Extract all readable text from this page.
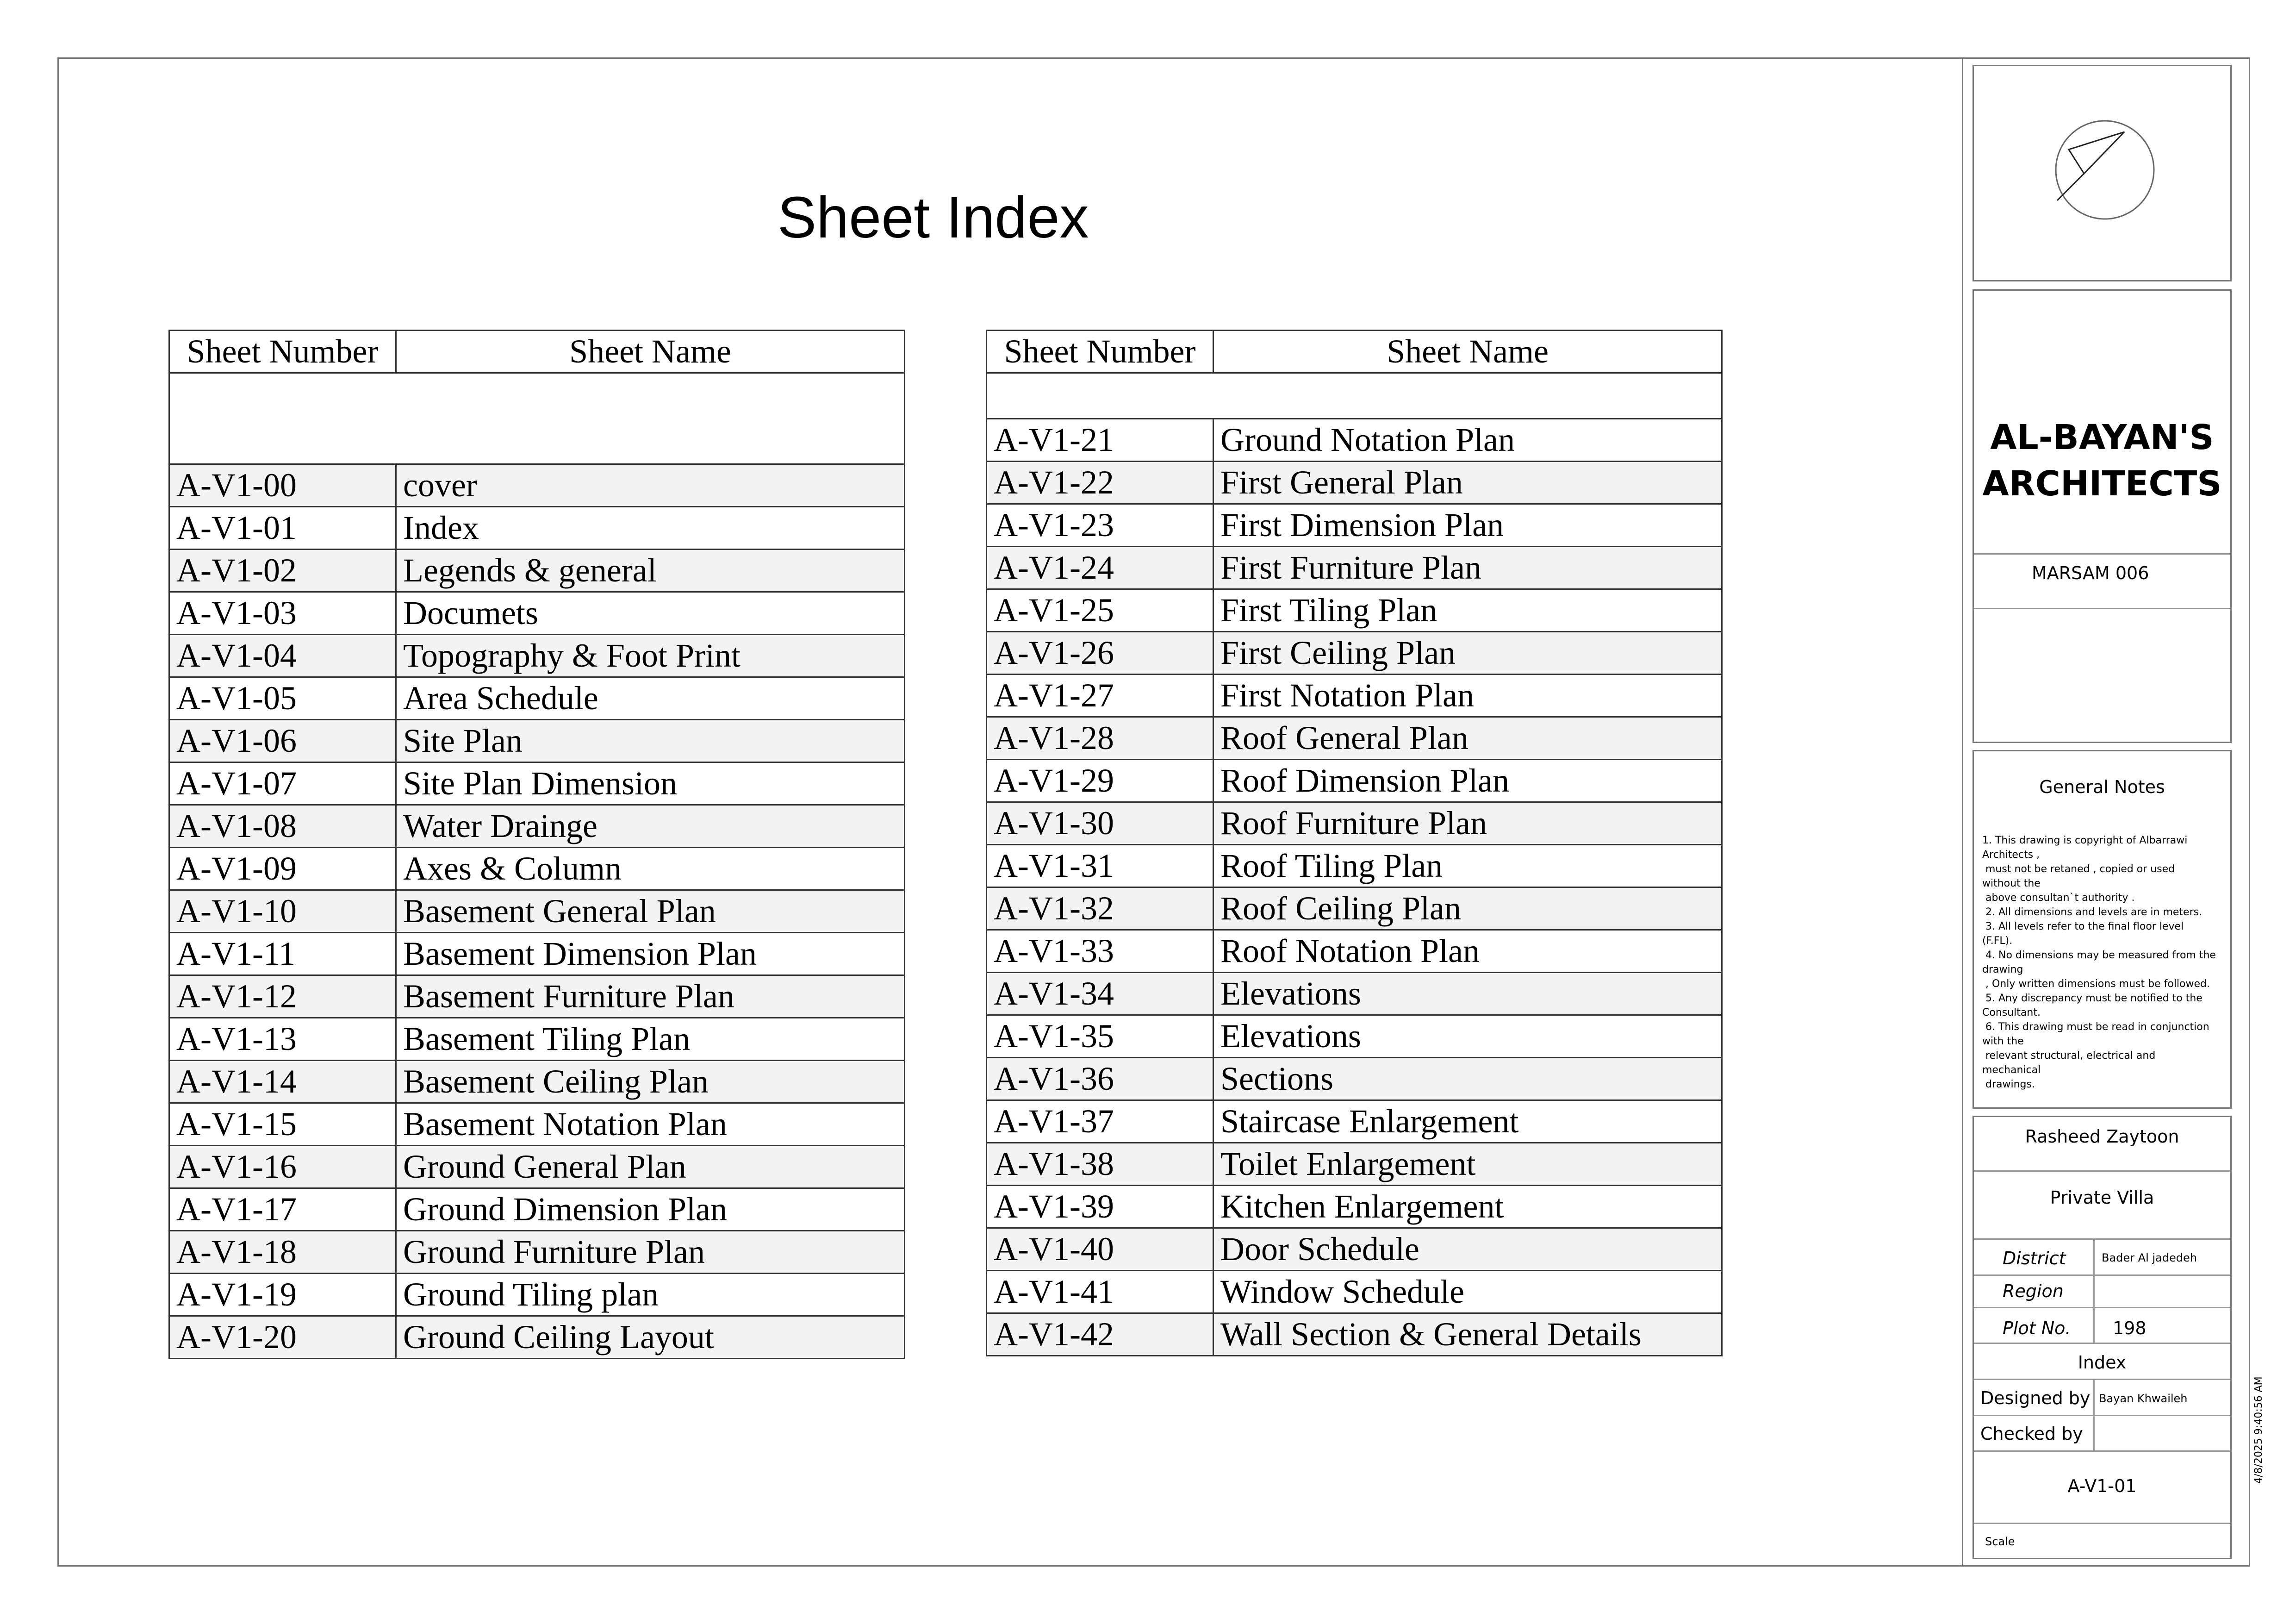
Sheet Index
Sheet Number	Sheet Name

A-V1-00	cover
A-V1-01	Index
A-V1-02	Legends & general
A-V1-03	Documets
A-V1-04	Topography & Foot Print
A-V1-05	Area Schedule
A-V1-06	Site Plan
A-V1-07	Site Plan Dimension
A-V1-08	Water Drainge
A-V1-09	Axes & Column
A-V1-10	Basement General Plan
A-V1-11	Basement Dimension Plan
A-V1-12	Basement Furniture Plan
A-V1-13	Basement Tiling Plan
A-V1-14	Basement Ceiling Plan
A-V1-15	Basement Notation Plan
A-V1-16	Ground General Plan
A-V1-17	Ground Dimension Plan
A-V1-18	Ground Furniture Plan
A-V1-19	Ground Tiling plan
A-V1-20	Ground Ceiling Layout
Sheet Number	Sheet Name

A-V1-21	Ground Notation Plan
A-V1-22	First General Plan
A-V1-23	First Dimension Plan
A-V1-24	First Furniture Plan
A-V1-25	First Tiling Plan
A-V1-26	First Ceiling Plan
A-V1-27	First Notation Plan
A-V1-28	Roof General Plan
A-V1-29	Roof Dimension Plan
A-V1-30	Roof Furniture Plan
A-V1-31	Roof Tiling Plan
A-V1-32	Roof Ceiling Plan
A-V1-33	Roof Notation Plan
A-V1-34	Elevations
A-V1-35	Elevations
A-V1-36	Sections
A-V1-37	Staircase Enlargement
A-V1-38	Toilet Enlargement
A-V1-39	Kitchen Enlargement
A-V1-40	Door Schedule
A-V1-41	Window Schedule
A-V1-42	Wall Section & General Details
AL-BAYAN'S
ARCHITECTS
MARSAM 006
General Notes
1. This drawing is copyright of Albarrawi
Architects ,
must not be retaned , copied or used
without the
above consultan`t authority .
2. All dimensions and levels are in meters.
3. All levels refer to the final floor level
(F.FL).
4. No dimensions may be measured from the
drawing
, Only written dimensions must be followed.
5. Any discrepancy must be notified to the
Consultant.
6. This drawing must be read in conjunction
with the
relevant structural, electrical and
mechanical
drawings.
Rasheed Zaytoon
Private Villa
District	Bader Al jadedeh
Region
Plot No. 198
Index
Designed by Bayan Khwaileh
Checked by
A-V1-01
Scale
4/8/2025 9:40:56 AM
